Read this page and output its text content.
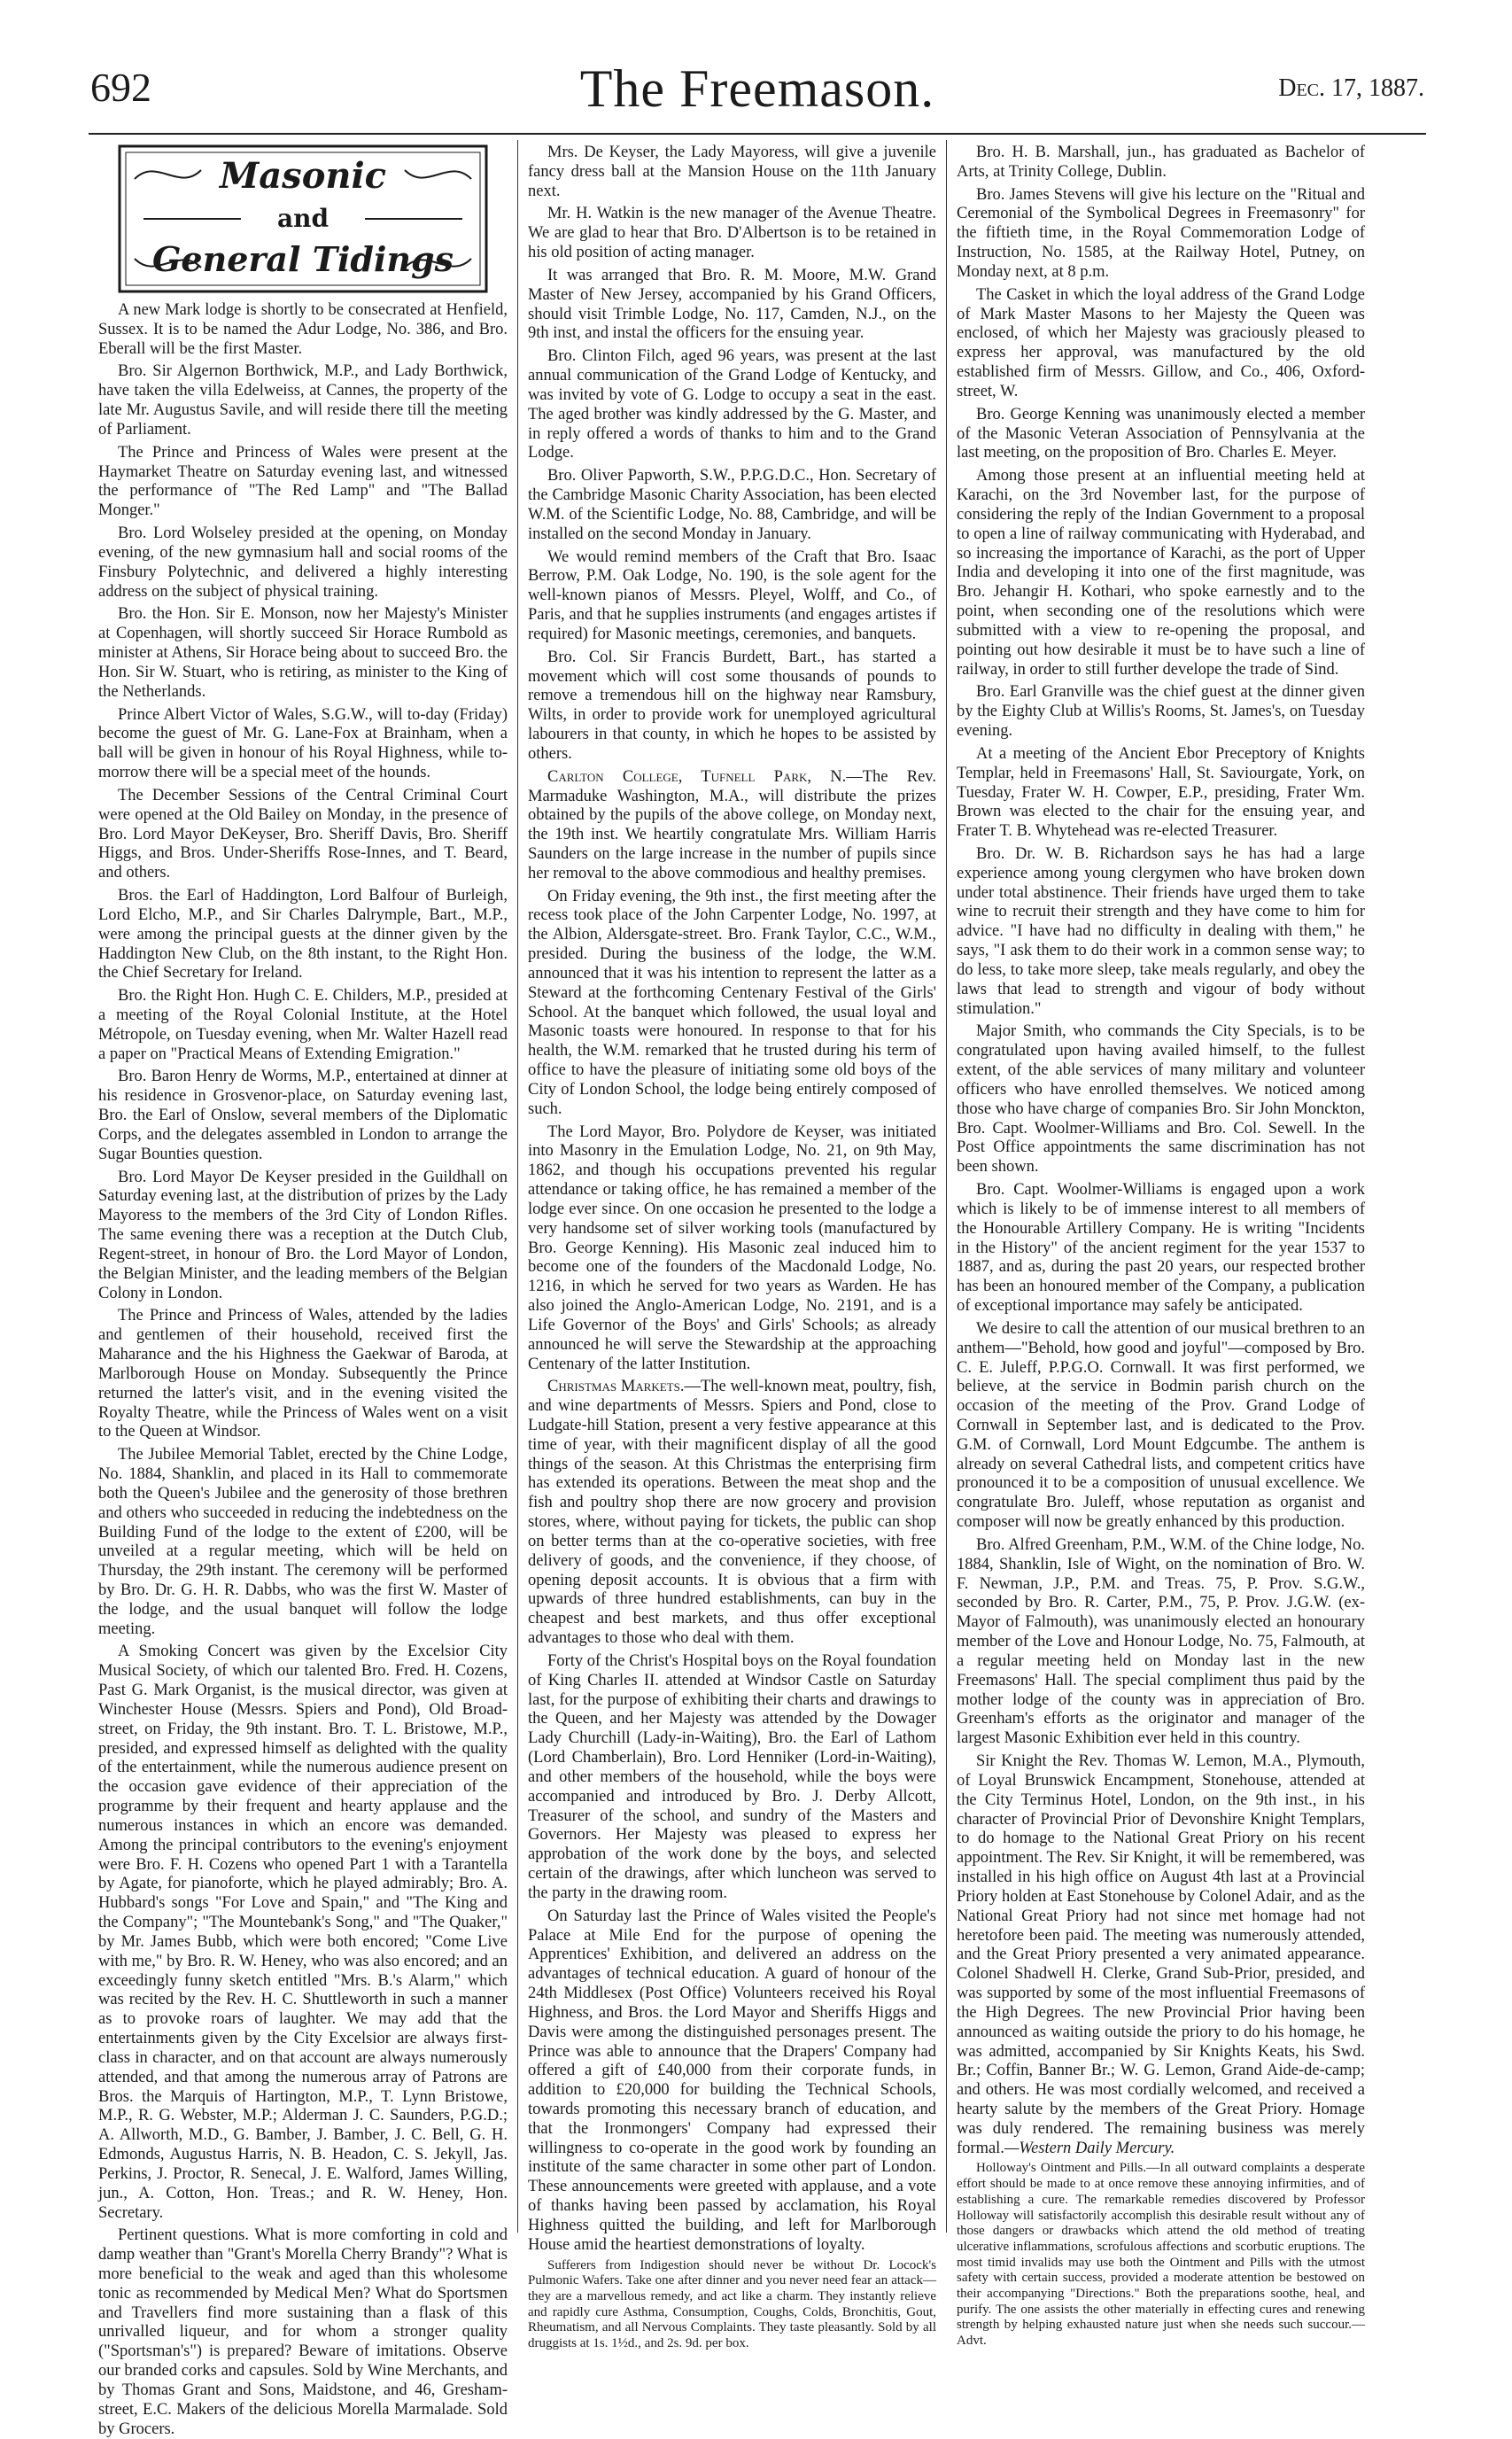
692	The Freemason.	Dec. 17, 1887.
Masonic
and
General Tidings

A new Mark lodge is shortly to be consecrated at Henfield, Sussex. It is to be named the Adur Lodge, No. 386, and Bro. Eberall will be the first Master.

Bro. Sir Algernon Borthwick, M.P., and Lady Borthwick, have taken the villa Edelweiss, at Cannes, the property of the late Mr. Augustus Savile, and will reside there till the meeting of Parliament.

The Prince and Princess of Wales were present at the Haymarket Theatre on Saturday evening last, and witnessed the performance of "The Red Lamp" and "The Ballad Monger."

Bro. Lord Wolseley presided at the opening, on Monday evening, of the new gymnasium hall and social rooms of the Finsbury Polytechnic, and delivered a highly interesting address on the subject of physical training.

Bro. the Hon. Sir E. Monson, now her Majesty's Minister at Copenhagen, will shortly succeed Sir Horace Rumbold as minister at Athens, Sir Horace being about to succeed Bro. the Hon. Sir W. Stuart, who is retiring, as minister to the King of the Netherlands.

Prince Albert Victor of Wales, S.G.W., will to-day (Friday) become the guest of Mr. G. Lane-Fox at Brainham, when a ball will be given in honour of his Royal Highness, while to-morrow there will be a special meet of the hounds.

The December Sessions of the Central Criminal Court were opened at the Old Bailey on Monday, in the presence of Bro. Lord Mayor DeKeyser, Bro. Sheriff Davis, Bro. Sheriff Higgs, and Bros. Under-Sheriffs Rose-Innes, and T. Beard, and others.

Bros. the Earl of Haddington, Lord Balfour of Burleigh, Lord Elcho, M.P., and Sir Charles Dalrymple, Bart., M.P., were among the principal guests at the dinner given by the Haddington New Club, on the 8th instant, to the Right Hon. the Chief Secretary for Ireland.

Bro. the Right Hon. Hugh C. E. Childers, M.P., presided at a meeting of the Royal Colonial Institute, at the Hotel Métropole, on Tuesday evening, when Mr. Walter Hazell read a paper on "Practical Means of Extending Emigration."

Bro. Baron Henry de Worms, M.P., entertained at dinner at his residence in Grosvenor-place, on Saturday evening last, Bro. the Earl of Onslow, several members of the Diplomatic Corps, and the delegates assembled in London to arrange the Sugar Bounties question.

Bro. Lord Mayor De Keyser presided in the Guildhall on Saturday evening last, at the distribution of prizes by the Lady Mayoress to the members of the 3rd City of London Rifles. The same evening there was a reception at the Dutch Club, Regent-street, in honour of Bro. the Lord Mayor of London, the Belgian Minister, and the leading members of the Belgian Colony in London.

The Prince and Princess of Wales, attended by the ladies and gentlemen of their household, received first the Maharance and the his Highness the Gaekwar of Baroda, at Marlborough House on Monday. Subsequently the Prince returned the latter's visit, and in the evening visited the Royalty Theatre, while the Princess of Wales went on a visit to the Queen at Windsor.

The Jubilee Memorial Tablet, erected by the Chine Lodge, No. 1884, Shanklin, and placed in its Hall to commemorate both the Queen's Jubilee and the generosity of those brethren and others who succeeded in reducing the indebtedness on the Building Fund of the lodge to the extent of £200, will be unveiled at a regular meeting, which will be held on Thursday, the 29th instant. The ceremony will be performed by Bro. Dr. G. H. R. Dabbs, who was the first W. Master of the lodge, and the usual banquet will follow the lodge meeting.

A Smoking Concert was given by the Excelsior City Musical Society, of which our talented Bro. Fred. H. Cozens, Past G. Mark Organist, is the musical director, was given at Winchester House (Messrs. Spiers and Pond), Old Broad-street, on Friday, the 9th instant. Bro. T. L. Bristowe, M.P., presided, and expressed himself as delighted with the quality of the entertainment, while the numerous audience present on the occasion gave evidence of their appreciation of the programme by their frequent and hearty applause and the numerous instances in which an encore was demanded. Among the principal contributors to the evening's enjoyment were Bro. F. H. Cozens who opened Part 1 with a Tarantella by Agate, for pianoforte, which he played admirably; Bro. A. Hubbard's songs "For Love and Spain," and "The King and the Company"; "The Mountebank's Song," and "The Quaker," by Mr. James Bubb, which were both encored; "Come Live with me," by Bro. R. W. Heney, who was also encored; and an exceedingly funny sketch entitled "Mrs. B.'s Alarm," which was recited by the Rev. H. C. Shuttleworth in such a manner as to provoke roars of laughter. We may add that the entertainments given by the City Excelsior are always first-class in character, and on that account are always numerously attended, and that among the numerous array of Patrons are Bros. the Marquis of Hartington, M.P., T. Lynn Bristowe, M.P., R. G. Webster, M.P.; Alderman J. C. Saunders, P.G.D.; A. Allworth, M.D., G. Bamber, J. Bamber, J. C. Bell, G. H. Edmonds, Augustus Harris, N. B. Headon, C. S. Jekyll, Jas. Perkins, J. Proctor, R. Senecal, J. E. Walford, James Willing, jun., A. Cotton, Hon. Treas.; and R. W. Heney, Hon. Secretary.

Pertinent questions. What is more comforting in cold and damp weather than "Grant's Morella Cherry Brandy"? What is more beneficial to the weak and aged than this wholesome tonic as recommended by Medical Men? What do Sportsmen and Travellers find more sustaining than a flask of this unrivalled liqueur, and for whom a stronger quality ("Sportsman's") is prepared? Beware of imitations. Observe our branded corks and capsules. Sold by Wine Merchants, and by Thomas Grant and Sons, Maidstone, and 46, Gresham-street, E.C. Makers of the delicious Morella Marmalade. Sold by Grocers.

Mrs. De Keyser, the Lady Mayoress, will give a juvenile fancy dress ball at the Mansion House on the 11th January next.

Mr. H. Watkin is the new manager of the Avenue Theatre. We are glad to hear that Bro. D'Albertson is to be retained in his old position of acting manager.

It was arranged that Bro. R. M. Moore, M.W. Grand Master of New Jersey, accompanied by his Grand Officers, should visit Trimble Lodge, No. 117, Camden, N.J., on the 9th inst, and instal the officers for the ensuing year.

Bro. Clinton Filch, aged 96 years, was present at the last annual communication of the Grand Lodge of Kentucky, and was invited by vote of G. Lodge to occupy a seat in the east. The aged brother was kindly addressed by the G. Master, and in reply offered a words of thanks to him and to the Grand Lodge.

Bro. Oliver Papworth, S.W., P.P.G.D.C., Hon. Secretary of the Cambridge Masonic Charity Association, has been elected W.M. of the Scientific Lodge, No. 88, Cambridge, and will be installed on the second Monday in January.

We would remind members of the Craft that Bro. Isaac Berrow, P.M. Oak Lodge, No. 190, is the sole agent for the well-known pianos of Messrs. Pleyel, Wolff, and Co., of Paris, and that he supplies instruments (and engages artistes if required) for Masonic meetings, ceremonies, and banquets.

Bro. Col. Sir Francis Burdett, Bart., has started a movement which will cost some thousands of pounds to remove a tremendous hill on the highway near Ramsbury, Wilts, in order to provide work for unemployed agricultural labourers in that county, in which he hopes to be assisted by others.

Carlton College, Tufnell Park, N.—The Rev. Marmaduke Washington, M.A., will distribute the prizes obtained by the pupils of the above college, on Monday next, the 19th inst. We heartily congratulate Mrs. William Harris Saunders on the large increase in the number of pupils since her removal to the above commodious and healthy premises.

On Friday evening, the 9th inst., the first meeting after the recess took place of the John Carpenter Lodge, No. 1997, at the Albion, Aldersgate-street. Bro. Frank Taylor, C.C., W.M., presided. During the business of the lodge, the W.M. announced that it was his intention to represent the latter as a Steward at the forthcoming Centenary Festival of the Girls' School. At the banquet which followed, the usual loyal and Masonic toasts were honoured. In response to that for his health, the W.M. remarked that he trusted during his term of office to have the pleasure of initiating some old boys of the City of London School, the lodge being entirely composed of such.

The Lord Mayor, Bro. Polydore de Keyser, was initiated into Masonry in the Emulation Lodge, No. 21, on 9th May, 1862, and though his occupations prevented his regular attendance or taking office, he has remained a member of the lodge ever since. On one occasion he presented to the lodge a very handsome set of silver working tools (manufactured by Bro. George Kenning). His Masonic zeal induced him to become one of the founders of the Macdonald Lodge, No. 1216, in which he served for two years as Warden. He has also joined the Anglo-American Lodge, No. 2191, and is a Life Governor of the Boys' and Girls' Schools; as already announced he will serve the Stewardship at the approaching Centenary of the latter Institution.

Christmas Markets.—The well-known meat, poultry, fish, and wine departments of Messrs. Spiers and Pond, close to Ludgate-hill Station, present a very festive appearance at this time of year, with their magnificent display of all the good things of the season. At this Christmas the enterprising firm has extended its operations. Between the meat shop and the fish and poultry shop there are now grocery and provision stores, where, without paying for tickets, the public can shop on better terms than at the co-operative societies, with free delivery of goods, and the convenience, if they choose, of opening deposit accounts. It is obvious that a firm with upwards of three hundred establishments, can buy in the cheapest and best markets, and thus offer exceptional advantages to those who deal with them.

Forty of the Christ's Hospital boys on the Royal foundation of King Charles II. attended at Windsor Castle on Saturday last, for the purpose of exhibiting their charts and drawings to the Queen, and her Majesty was attended by the Dowager Lady Churchill (Lady-in-Waiting), Bro. the Earl of Lathom (Lord Chamberlain), Bro. Lord Henniker (Lord-in-Waiting), and other members of the household, while the boys were accompanied and introduced by Bro. J. Derby Allcott, Treasurer of the school, and sundry of the Masters and Governors. Her Majesty was pleased to express her approbation of the work done by the boys, and selected certain of the drawings, after which luncheon was served to the party in the drawing room.

On Saturday last the Prince of Wales visited the People's Palace at Mile End for the purpose of opening the Apprentices' Exhibition, and delivered an address on the advantages of technical education. A guard of honour of the 24th Middlesex (Post Office) Volunteers received his Royal Highness, and Bros. the Lord Mayor and Sheriffs Higgs and Davis were among the distinguished personages present. The Prince was able to announce that the Drapers' Company had offered a gift of £40,000 from their corporate funds, in addition to £20,000 for building the Technical Schools, towards promoting this necessary branch of education, and that the Ironmongers' Company had expressed their willingness to co-operate in the good work by founding an institute of the same character in some other part of London. These announcements were greeted with applause, and a vote of thanks having been passed by acclamation, his Royal Highness quitted the building, and left for Marlborough House amid the heartiest demonstrations of loyalty.

Sufferers from Indigestion should never be without Dr. Locock's Pulmonic Wafers. Take one after dinner and you never need fear an attack—they are a marvellous remedy, and act like a charm. They instantly relieve and rapidly cure Asthma, Consumption, Coughs, Colds, Bronchitis, Gout, Rheumatism, and all Nervous Complaints. They taste pleasantly. Sold by all druggists at 1s. 1½d., and 2s. 9d. per box.

Bro. H. B. Marshall, jun., has graduated as Bachelor of Arts, at Trinity College, Dublin.

Bro. James Stevens will give his lecture on the "Ritual and Ceremonial of the Symbolical Degrees in Freemasonry" for the fiftieth time, in the Royal Commemoration Lodge of Instruction, No. 1585, at the Railway Hotel, Putney, on Monday next, at 8 p.m.

The Casket in which the loyal address of the Grand Lodge of Mark Master Masons to her Majesty the Queen was enclosed, of which her Majesty was graciously pleased to express her approval, was manufactured by the old established firm of Messrs. Gillow, and Co., 406, Oxford-street, W.

Bro. George Kenning was unanimously elected a member of the Masonic Veteran Association of Pennsylvania at the last meeting, on the proposition of Bro. Charles E. Meyer.

Among those present at an influential meeting held at Karachi, on the 3rd November last, for the purpose of considering the reply of the Indian Government to a proposal to open a line of railway communicating with Hyderabad, and so increasing the importance of Karachi, as the port of Upper India and developing it into one of the first magnitude, was Bro. Jehangir H. Kothari, who spoke earnestly and to the point, when seconding one of the resolutions which were submitted with a view to re-opening the proposal, and pointing out how desirable it must be to have such a line of railway, in order to still further develope the trade of Sind.

Bro. Earl Granville was the chief guest at the dinner given by the Eighty Club at Willis's Rooms, St. James's, on Tuesday evening.

At a meeting of the Ancient Ebor Preceptory of Knights Templar, held in Freemasons' Hall, St. Saviourgate, York, on Tuesday, Frater W. H. Cowper, E.P., presiding, Frater Wm. Brown was elected to the chair for the ensuing year, and Frater T. B. Whytehead was re-elected Treasurer.

Bro. Dr. W. B. Richardson says he has had a large experience among young clergymen who have broken down under total abstinence. Their friends have urged them to take wine to recruit their strength and they have come to him for advice. "I have had no difficulty in dealing with them," he says, "I ask them to do their work in a common sense way; to do less, to take more sleep, take meals regularly, and obey the laws that lead to strength and vigour of body without stimulation."

Major Smith, who commands the City Specials, is to be congratulated upon having availed himself, to the fullest extent, of the able services of many military and volunteer officers who have enrolled themselves. We noticed among those who have charge of companies Bro. Sir John Monckton, Bro. Capt. Woolmer-Williams and Bro. Col. Sewell. In the Post Office appointments the same discrimination has not been shown.

Bro. Capt. Woolmer-Williams is engaged upon a work which is likely to be of immense interest to all members of the Honourable Artillery Company. He is writing "Incidents in the History" of the ancient regiment for the year 1537 to 1887, and as, during the past 20 years, our respected brother has been an honoured member of the Company, a publication of exceptional importance may safely be anticipated.

We desire to call the attention of our musical brethren to an anthem—"Behold, how good and joyful"—composed by Bro. C. E. Juleff, P.P.G.O. Cornwall. It was first performed, we believe, at the service in Bodmin parish church on the occasion of the meeting of the Prov. Grand Lodge of Cornwall in September last, and is dedicated to the Prov. G.M. of Cornwall, Lord Mount Edgcumbe. The anthem is already on several Cathedral lists, and competent critics have pronounced it to be a composition of unusual excellence. We congratulate Bro. Juleff, whose reputation as organist and composer will now be greatly enhanced by this production.

Bro. Alfred Greenham, P.M., W.M. of the Chine lodge, No. 1884, Shanklin, Isle of Wight, on the nomination of Bro. W. F. Newman, J.P., P.M. and Treas. 75, P. Prov. S.G.W., seconded by Bro. R. Carter, P.M., 75, P. Prov. J.G.W. (ex-Mayor of Falmouth), was unanimously elected an honourary member of the Love and Honour Lodge, No. 75, Falmouth, at a regular meeting held on Monday last in the new Freemasons' Hall. The special compliment thus paid by the mother lodge of the county was in appreciation of Bro. Greenham's efforts as the originator and manager of the largest Masonic Exhibition ever held in this country.

Sir Knight the Rev. Thomas W. Lemon, M.A., Plymouth, of Loyal Brunswick Encampment, Stonehouse, attended at the City Terminus Hotel, London, on the 9th inst., in his character of Provincial Prior of Devonshire Knight Templars, to do homage to the National Great Priory on his recent appointment. The Rev. Sir Knight, it will be remembered, was installed in his high office on August 4th last at a Provincial Priory holden at East Stonehouse by Colonel Adair, and as the National Great Priory had not since met homage had not heretofore been paid. The meeting was numerously attended, and the Great Priory presented a very animated appearance. Colonel Shadwell H. Clerke, Grand Sub-Prior, presided, and was supported by some of the most influential Freemasons of the High Degrees. The new Provincial Prior having been announced as waiting outside the priory to do his homage, he was admitted, accompanied by Sir Knights Keats, his Swd. Br.; Coffin, Banner Br.; W. G. Lemon, Grand Aide-de-camp; and others. He was most cordially welcomed, and received a hearty salute by the members of the Great Priory. Homage was duly rendered. The remaining business was merely formal.—Western Daily Mercury.

Holloway's Ointment and Pills.—In all outward complaints a desperate effort should be made to at once remove these annoying infirmities, and of establishing a cure. The remarkable remedies discovered by Professor Holloway will satisfactorily accomplish this desirable result without any of those dangers or drawbacks which attend the old method of treating ulcerative inflammations, scrofulous affections and scorbutic eruptions. The most timid invalids may use both the Ointment and Pills with the utmost safety with certain success, provided a moderate attention be bestowed on their accompanying "Directions." Both the preparations soothe, heal, and purify. The one assists the other materially in effecting cures and renewing strength by helping exhausted nature just when she needs such succour.—Advt.
